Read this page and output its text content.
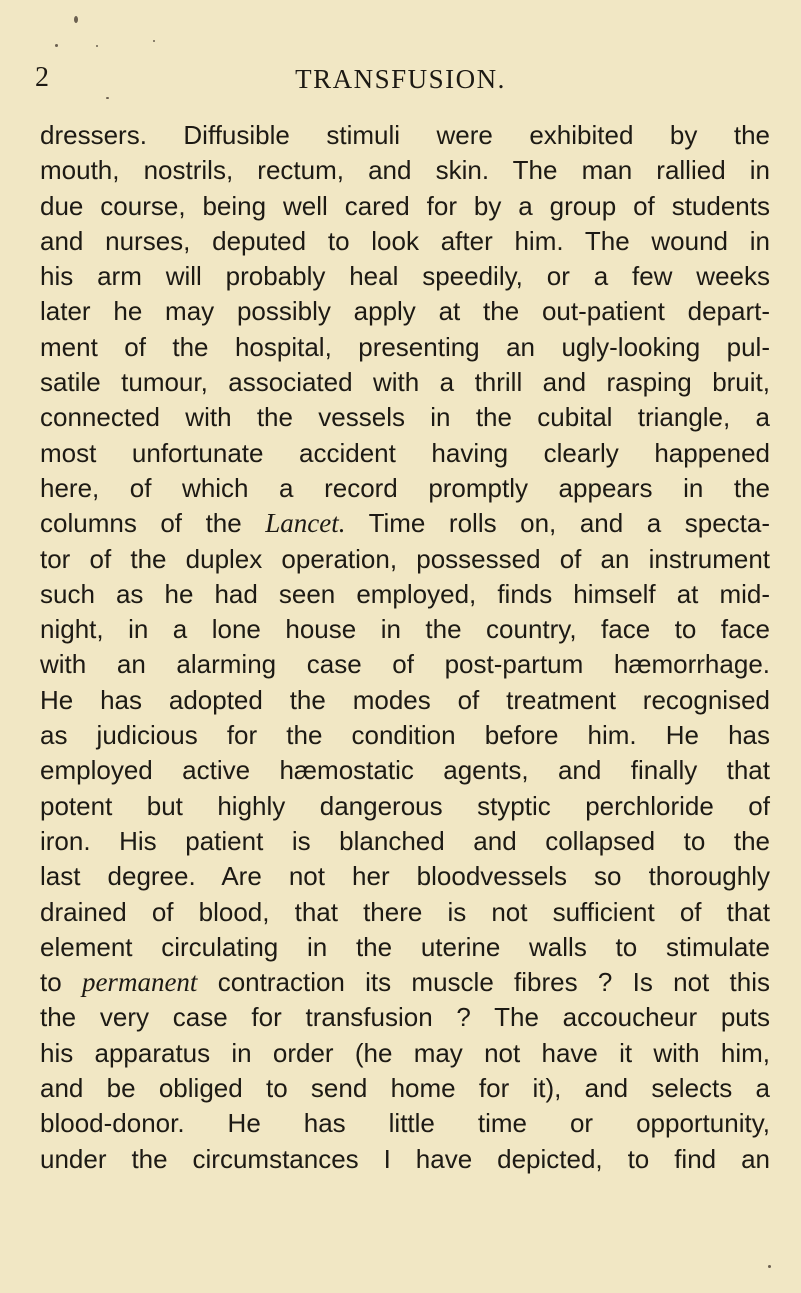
2	TRANSFUSION.
dressers. Diffusible stimuli were exhibited by the
mouth, nostrils, rectum, and skin. The man rallied in
due course, being well cared for by a group of students
and nurses, deputed to look after him. The wound in
his arm will probably heal speedily, or a few weeks
later he may possibly apply at the out-patient depart-
ment of the hospital, presenting an ugly-looking pul-
satile tumour, associated with a thrill and rasping bruit,
connected with the vessels in the cubital triangle, a
most unfortunate accident having clearly happened
here, of which a record promptly appears in the
columns of the Lancet. Time rolls on, and a specta-
tor of the duplex operation, possessed of an instrument
such as he had seen employed, finds himself at mid-
night, in a lone house in the country, face to face
with an alarming case of post-partum hæmorrhage.
He has adopted the modes of treatment recognised
as judicious for the condition before him. He has
employed active hæmostatic agents, and finally that
potent but highly dangerous styptic perchloride of
iron. His patient is blanched and collapsed to the
last degree. Are not her bloodvessels so thoroughly
drained of blood, that there is not sufficient of that
element circulating in the uterine walls to stimulate
to permanent contraction its muscle fibres ? Is not this
the very case for transfusion ? The accoucheur puts
his apparatus in order (he may not have it with him,
and be obliged to send home for it), and selects a
blood-donor. He has little time or opportunity,
under the circumstances I have depicted, to find an
